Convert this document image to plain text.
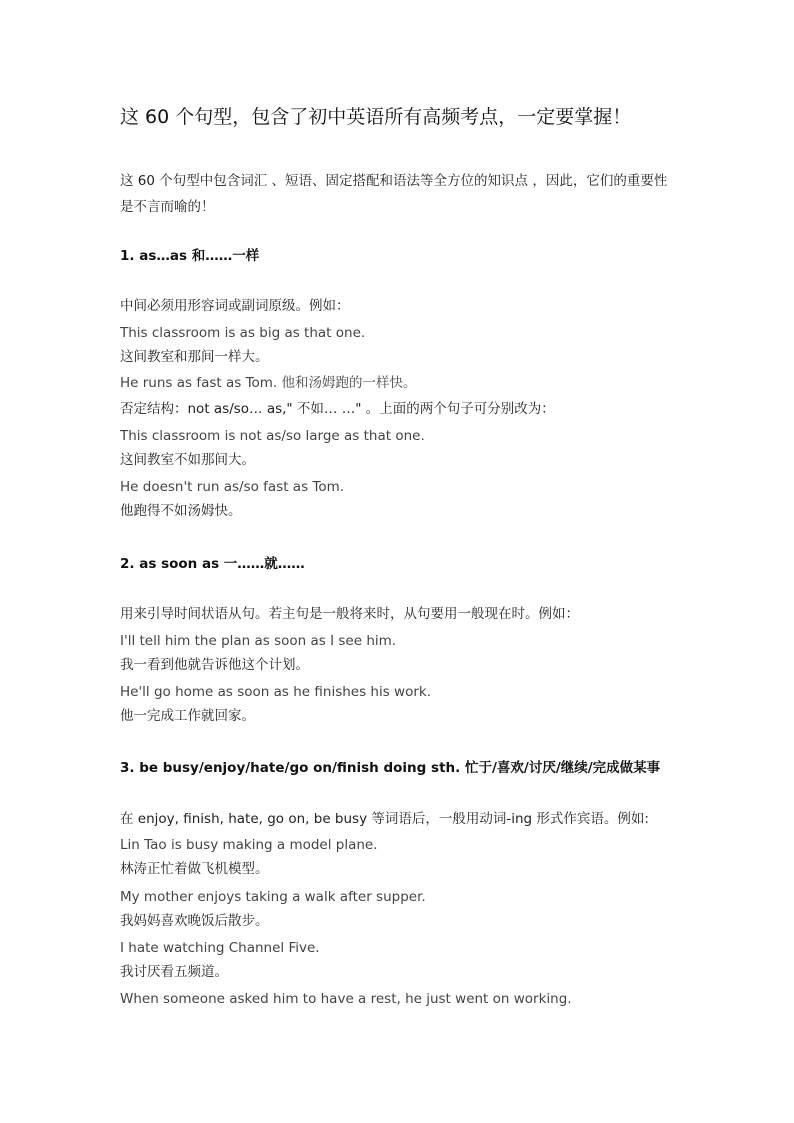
这 60 个句型，包含了初中英语所有高频考点，一定要掌握！
这 60 个句型中包含词汇 、短语、固定搭配和语法等全方位的知识点 ，因此，它们的重要性是不言而喻的！
1. as…as 和……一样
中间必须用形容词或副词原级。例如：
This classroom is as big as that one.
这间教室和那间一样大。
He runs as fast as Tom. 他和汤姆跑的一样快。
否定结构：not as/so… as," 不如… …" 。上面的两个句子可分别改为：
This classroom is not as/so large as that one.
这间教室不如那间大。
He doesn't run as/so fast as Tom.
他跑得不如汤姆快。
2. as soon as 一……就……
用来引导时间状语从句。若主句是一般将来时，从句要用一般现在时。例如：
I'll tell him the plan as soon as I see him.
我一看到他就告诉他这个计划。
He'll go home as soon as he finishes his work.
他一完成工作就回家。
3. be busy/enjoy/hate/go on/finish doing sth. 忙于/喜欢/讨厌/继续/完成做某事
在 enjoy, finish, hate, go on, be busy 等词语后，一般用动词-ing 形式作宾语。例如:
Lin Tao is busy making a model plane.
林涛正忙着做飞机模型。
My mother enjoys taking a walk after supper.
我妈妈喜欢晚饭后散步。
I hate watching Channel Five.
我讨厌看五频道。
When someone asked him to have a rest, he just went on working.
